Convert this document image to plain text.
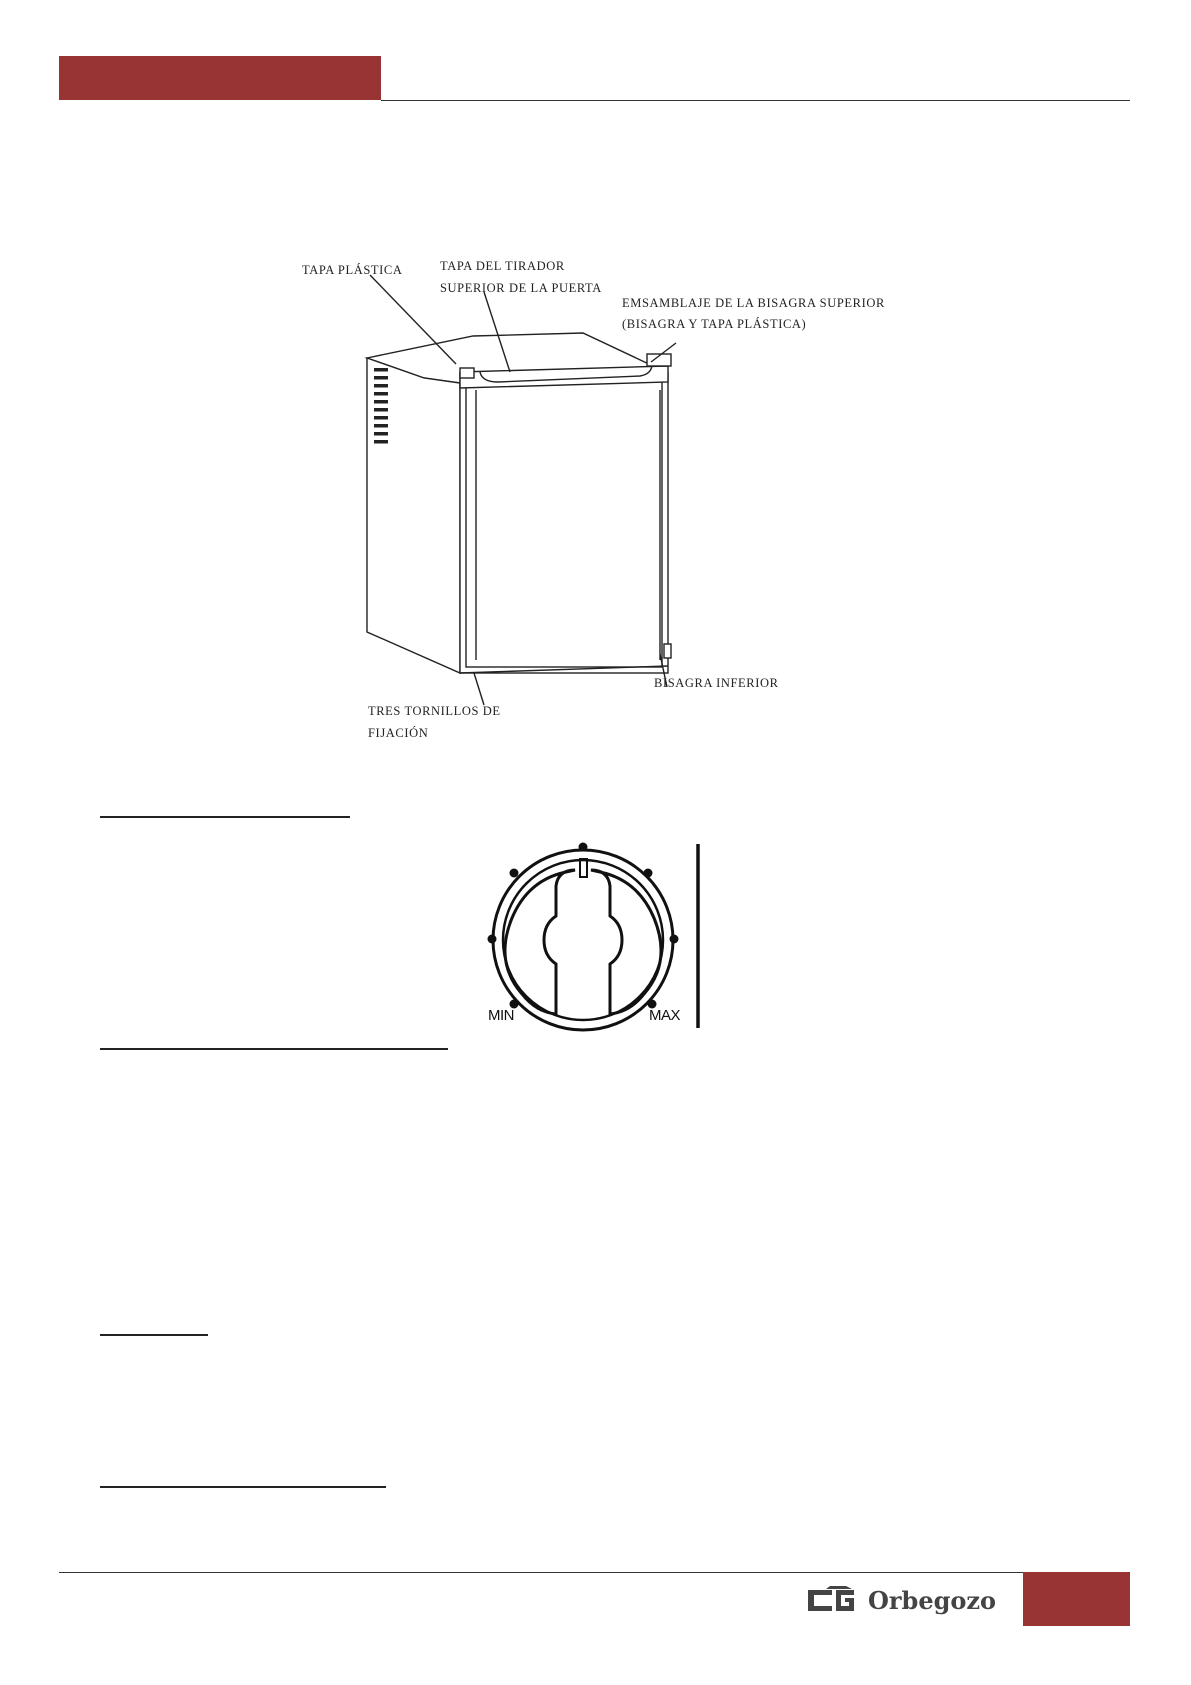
TAPA PLÁSTICA	TAPA DEL TIRADOR
SUPERIOR DE LA PUERTA
EMSAMBLAJE DE LA BISAGRA SUPERIOR
(BISAGRA Y TAPA PLÁSTICA)
BISAGRA INFERIOR
TRES TORNILLOS DE
FIJACIÓN
MIN	MAX
Orbegozo
